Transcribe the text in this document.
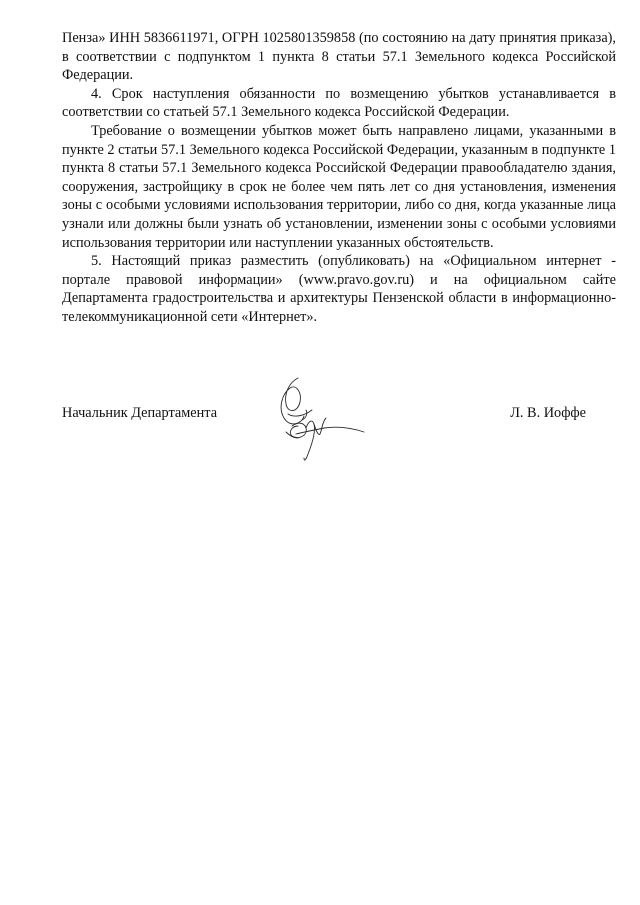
Пенза» ИНН 5836611971, ОГРН 1025801359858 (по состоянию на дату принятия приказа), в соответствии с подпунктом 1 пункта 8 статьи 57.1 Земельного кодекса Российской Федерации.

4. Срок наступления обязанности по возмещению убытков устанавливается в соответствии со статьей 57.1 Земельного кодекса Российской Федерации.

Требование о возмещении убытков может быть направлено лицами, указанными в пункте 2 статьи 57.1 Земельного кодекса Российской Федерации, указанным в подпункте 1 пункта 8 статьи 57.1 Земельного кодекса Российской Федерации правообладателю здания, сооружения, застройщику в срок не более чем пять лет со дня установления, изменения зоны с особыми условиями использования территории, либо со дня, когда указанные лица узнали или должны были узнать об установлении, изменении зоны с особыми условиями использования территории или наступлении указанных обстоятельств.

5. Настоящий приказ разместить (опубликовать) на «Официальном интернет - портале правовой информации» (www.pravo.gov.ru) и на официальном сайте Департамента градостроительства и архитектуры Пензенской области в информационно-телекоммуникационной сети «Интернет».

Начальник Департамента	Л. В. Иоффе
